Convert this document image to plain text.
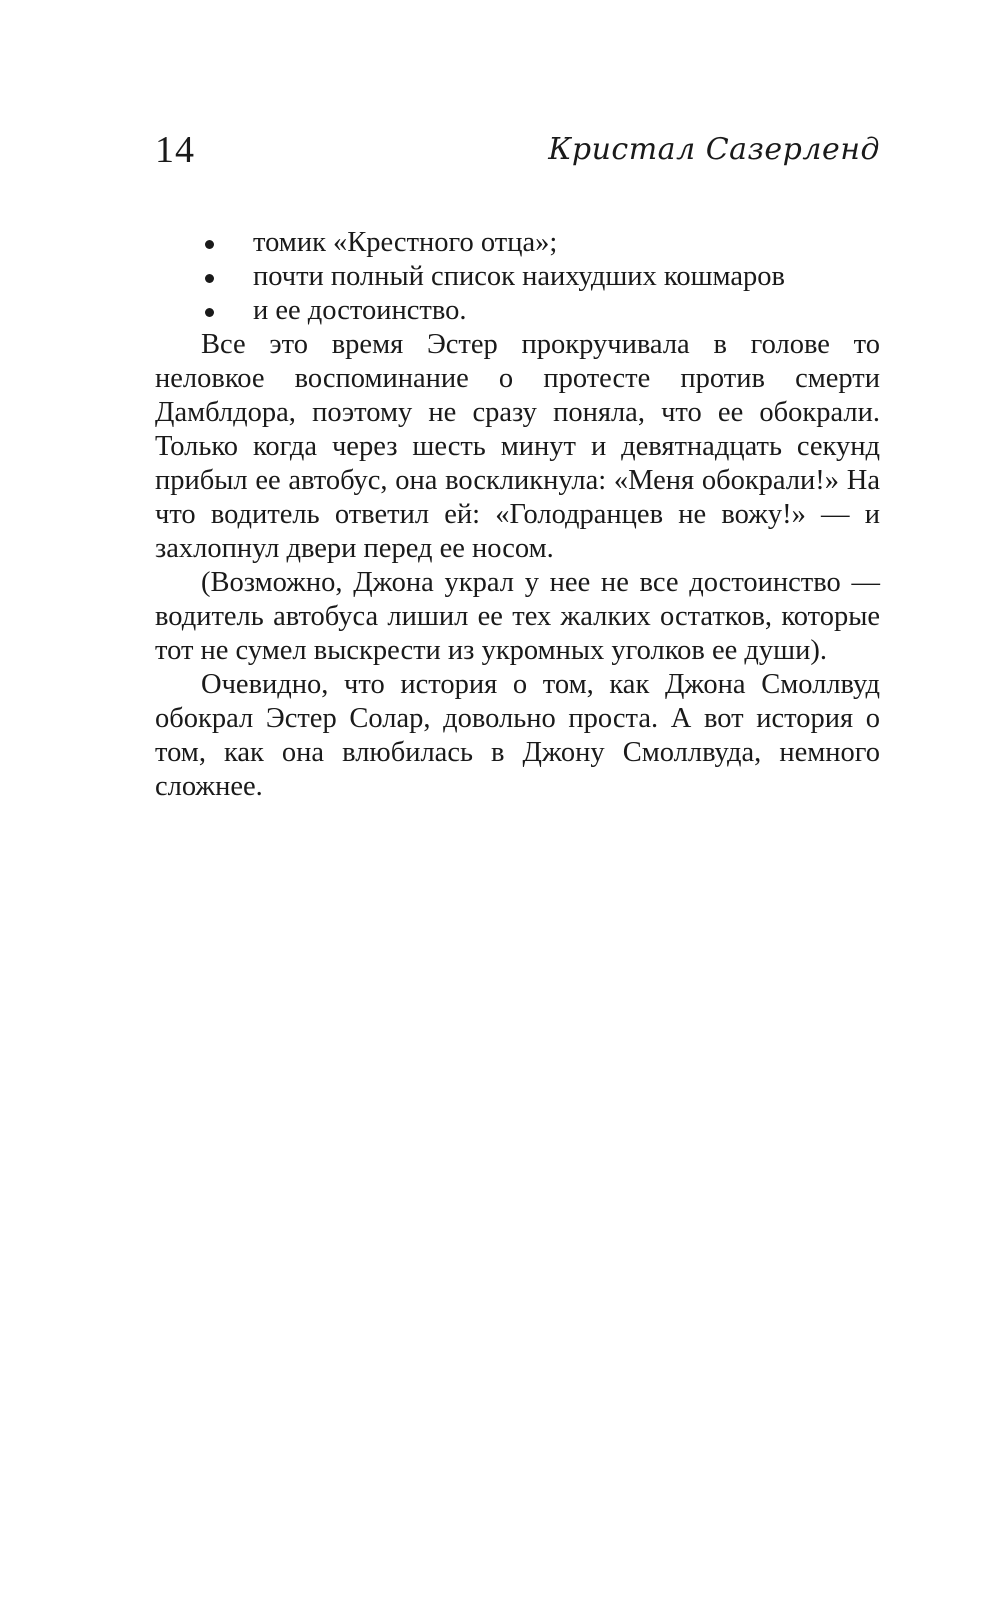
14	Кристал Сазерленд
томик «Крестного отца»;
почти полный список наихудших кошмаров
и ее достоинство.

Все это время Эстер прокручивала в голове то неловкое воспоминание о протесте против смерти Дамблдора, поэтому не сразу поняла, что ее обокрали. Только когда через шесть минут и девятнадцать секунд прибыл ее автобус, она воскликнула: «Меня обокрали!» На что водитель ответил ей: «Голодранцев не вожу!» — и захлопнул двери перед ее носом.

(Возможно, Джона украл у нее не все достоинство — водитель автобуса лишил ее тех жалких остатков, которые тот не сумел выскрести из укромных уголков ее души).

Очевидно, что история о том, как Джона Смоллвуд обокрал Эстер Солар, довольно проста. А вот история о том, как она влюбилась в Джону Смоллвуда, немного сложнее.
